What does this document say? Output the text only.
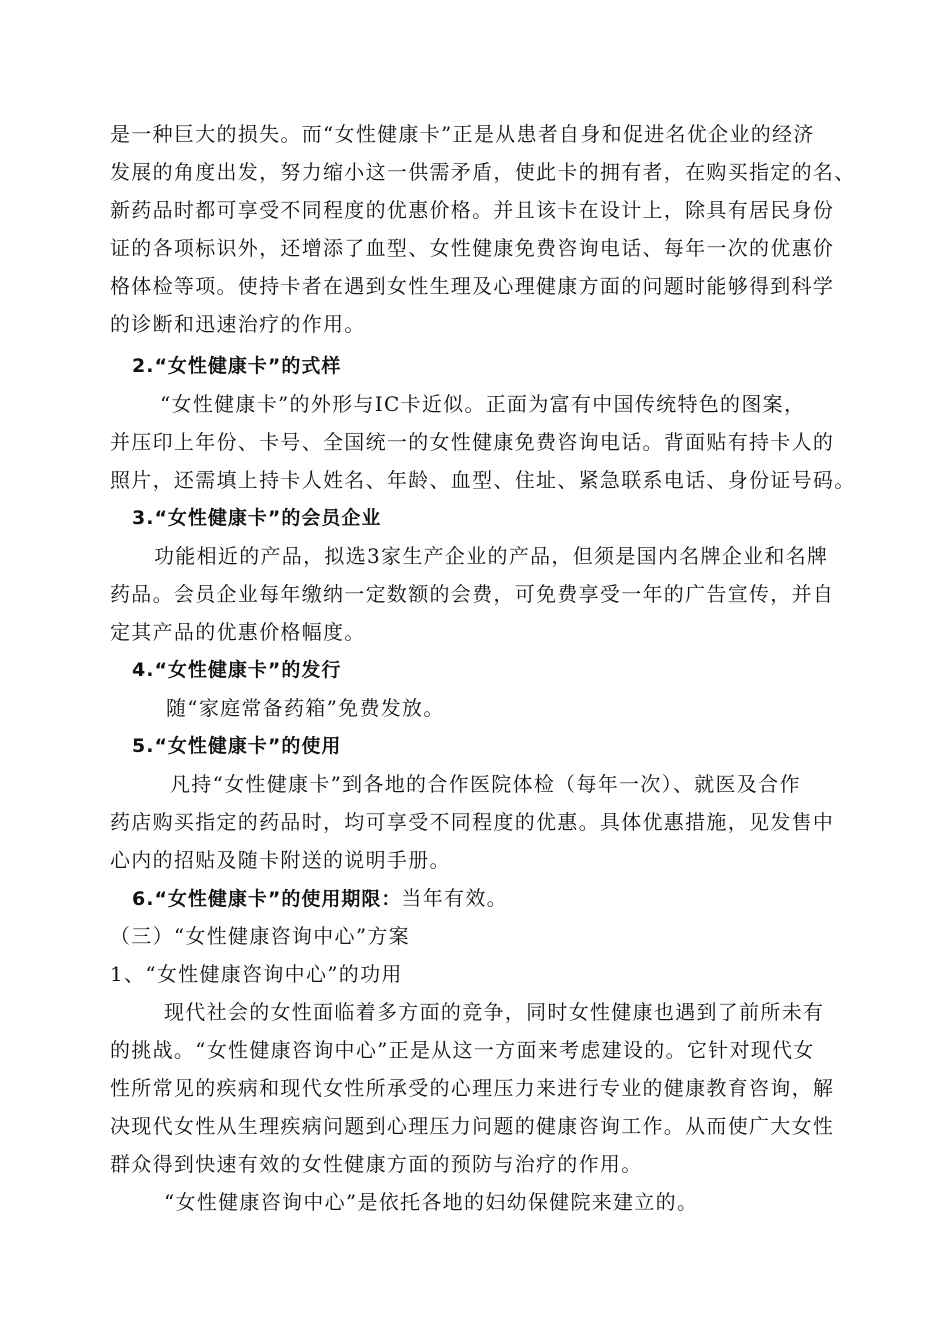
是一种巨大的损失。而“女性健康卡”正是从患者自身和促进名优企业的经济
发展的角度出发，努力缩小这一供需矛盾，使此卡的拥有者，在购买指定的名、
新药品时都可享受不同程度的优惠价格。并且该卡在设计上，除具有居民身份
证的各项标识外，还增添了血型、女性健康免费咨询电话、每年一次的优惠价
格体检等项。使持卡者在遇到女性生理及心理健康方面的问题时能够得到科学
的诊断和迅速治疗的作用。
2.“女性健康卡”的式样
“女性健康卡”的外形与IC卡近似。正面为富有中国传统特色的图案，
并压印上年份、卡号、全国统一的女性健康免费咨询电话。背面贴有持卡人的
照片，还需填上持卡人姓名、年龄、血型、住址、紧急联系电话、身份证号码。
3.“女性健康卡”的会员企业
功能相近的产品，拟选3家生产企业的产品，但须是国内名牌企业和名牌
药品。会员企业每年缴纳一定数额的会费，可免费享受一年的广告宣传，并自
定其产品的优惠价格幅度。
4.“女性健康卡”的发行
随“家庭常备药箱”免费发放。
5.“女性健康卡”的使用
凡持“女性健康卡”到各地的合作医院体检（每年一次）、就医及合作
药店购买指定的药品时，均可享受不同程度的优惠。具体优惠措施，见发售中
心内的招贴及随卡附送的说明手册。
6.“女性健康卡”的使用期限：当年有效。
（三）“女性健康咨询中心”方案
1、“女性健康咨询中心”的功用
现代社会的女性面临着多方面的竞争，同时女性健康也遇到了前所未有
的挑战。“女性健康咨询中心”正是从这一方面来考虑建设的。它针对现代女
性所常见的疾病和现代女性所承受的心理压力来进行专业的健康教育咨询，解
决现代女性从生理疾病问题到心理压力问题的健康咨询工作。从而使广大女性
群众得到快速有效的女性健康方面的预防与治疗的作用。
“女性健康咨询中心”是依托各地的妇幼保健院来建立的。
